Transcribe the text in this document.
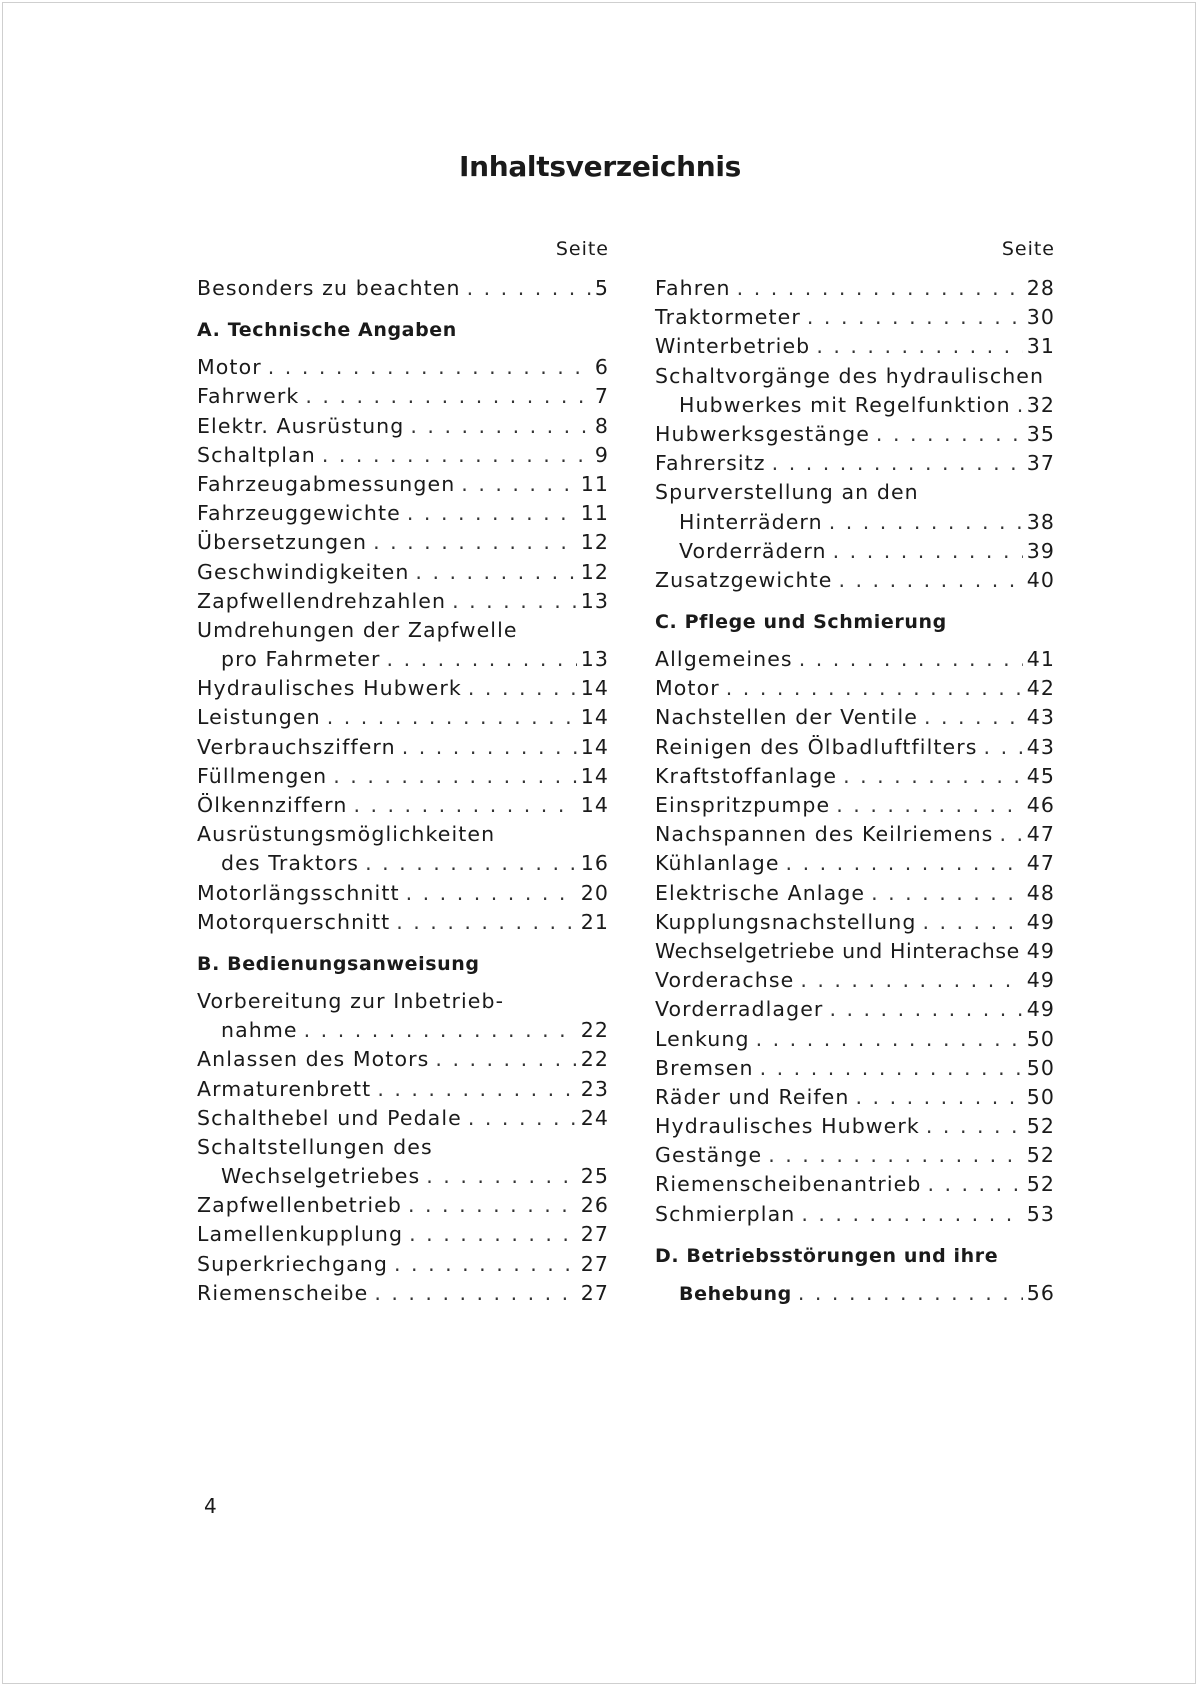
Inhaltsverzeichnis
Seite
Besonders zu beachten . . .	5
A. Technische Angaben
Motor . . .	6
Fahrwerk . . .	7
Elektr. Ausrüstung . . .	8
Schaltplan . . .	9
Fahrzeugabmessungen . . .	11
Fahrzeuggewichte . . .	11
Übersetzungen . . .	12
Geschwindigkeiten . . .	12
Zapfwellendrehzahlen . . .	13
Umdrehungen der Zapfwelle
pro Fahrmeter . . .	13
Hydraulisches Hubwerk . . .	14
Leistungen . . .	14
Verbrauchsziffern . . .	14
Füllmengen . . .	14
Ölkennziffern . . .	14
Ausrüstungsmöglichkeiten
des Traktors . . .	16
Motorlängsschnitt . . .	20
Motorquerschnitt . . .	21
B. Bedienungsanweisung
Vorbereitung zur Inbetrieb-
nahme . . .	22
Anlassen des Motors . . .	22
Armaturenbrett . . .	23
Schalthebel und Pedale . . .	24
Schaltstellungen des
Wechselgetriebes . . .	25
Zapfwellenbetrieb . . .	26
Lamellenkupplung . . .	27
Superkriechgang . . .	27
Riemenscheibe . . .	27
Seite
Fahren . . .	28
Traktormeter . . .	30
Winterbetrieb . . .	31
Schaltvorgänge des hydraulischen
Hubwerkes mit Regelfunktion . . . 32
Hubwerksgestänge . . .	35
Fahrersitz . . .	37
Spurverstellung an den
Hinterrädern . . .	38
Vorderrädern . . .	39
Zusatzgewichte . . .	40
C. Pflege und Schmierung
Allgemeines . . .	41
Motor . . .	42
Nachstellen der Ventile . . .	43
Reinigen des Ölbadluftfilters . . . 43
Kraftstoffanlage . . .	45
Einspritzpumpe . . .	46
Nachspannen des Keilriemens . . . 47
Kühlanlage . . .	47
Elektrische Anlage . . .	48
Kupplungsnachstellung . . .	49
Wechselgetriebe und Hinterachse 49
Vorderachse . . .	49
Vorderradlager . . .	49
Lenkung . . .	50
Bremsen . . .	50
Räder und Reifen . . .	50
Hydraulisches Hubwerk . . .	52
Gestänge . . .	52
Riemenscheibenantrieb . . .	52
Schmierplan . . .	53
D. Betriebsstörungen und ihre
Behebung . . .	56
4
